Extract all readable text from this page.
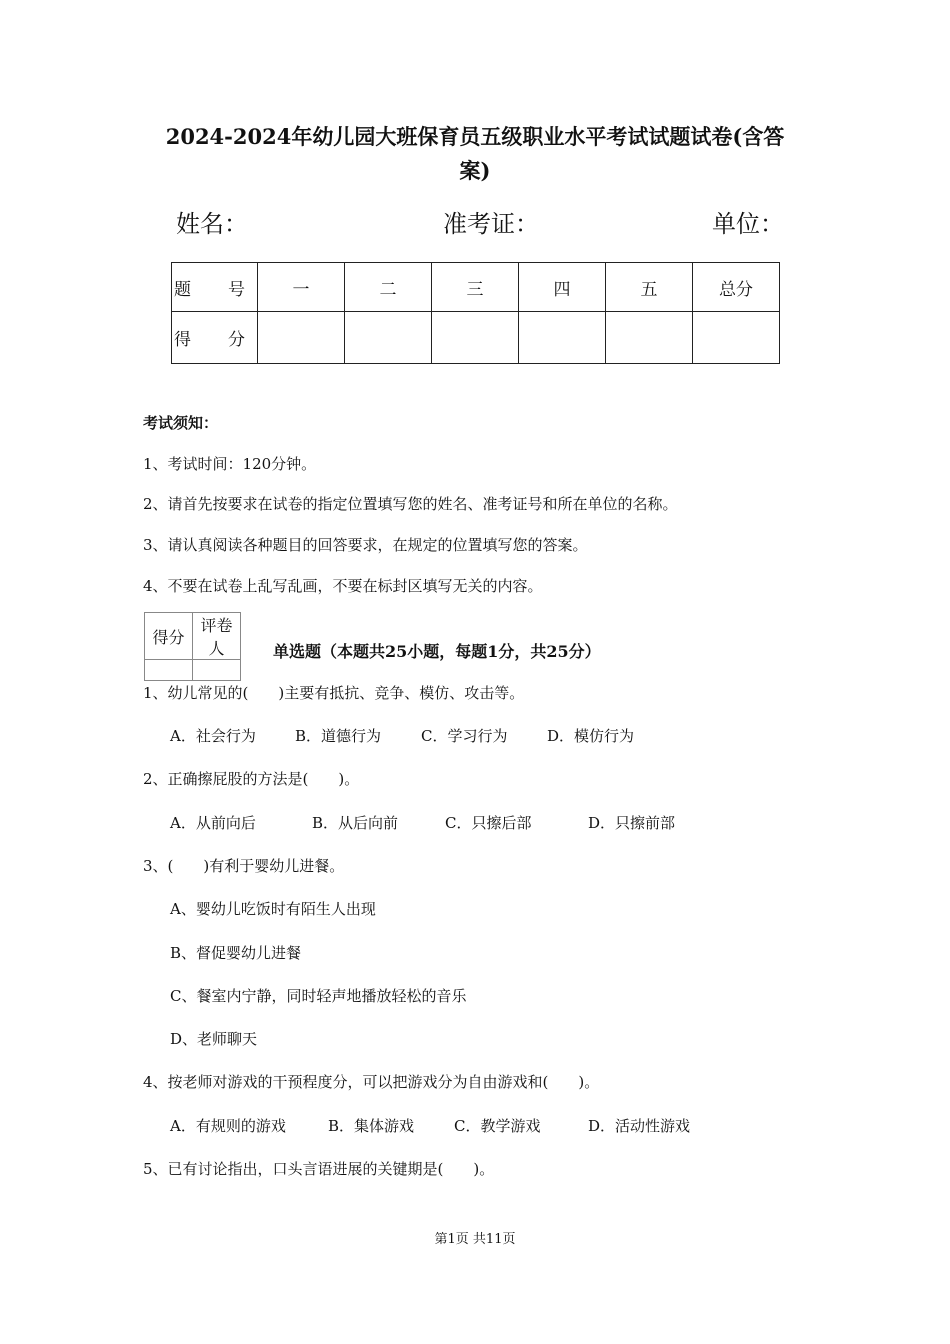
2024-2024年幼儿园大班保育员五级职业水平考试试题试卷(含答
案)
姓名：	准考证：	单位：
题　号	一	二	三	四	五	总分
得　分						
考试须知：
1、考试时间：120分钟。
2、请首先按要求在试卷的指定位置填写您的姓名、准考证号和所在单位的名称。
3、请认真阅读各种题目的回答要求，在规定的位置填写您的答案。
4、不要在试卷上乱写乱画，不要在标封区填写无关的内容。
得分	评卷人
		单选题（本题共25小题，每题1分，共25分）
1、幼儿常见的(　　)主要有抵抗、竞争、模仿、攻击等。
A．社会行为	B．道德行为	C．学习行为	D．模仿行为
2、正确擦屁股的方法是(　　)。
A．从前向后	B．从后向前	C．只擦后部	D．只擦前部
3、(　　)有利于婴幼儿进餐。
A、婴幼儿吃饭时有陌生人出现
B、督促婴幼儿进餐
C、餐室内宁静，同时轻声地播放轻松的音乐
D、老师聊天
4、按老师对游戏的干预程度分，可以把游戏分为自由游戏和(　　)。
A．有规则的游戏	B．集体游戏	C．教学游戏	D．活动性游戏
5、已有讨论指出，口头言语进展的关键期是(　　)。
第1页 共11页
